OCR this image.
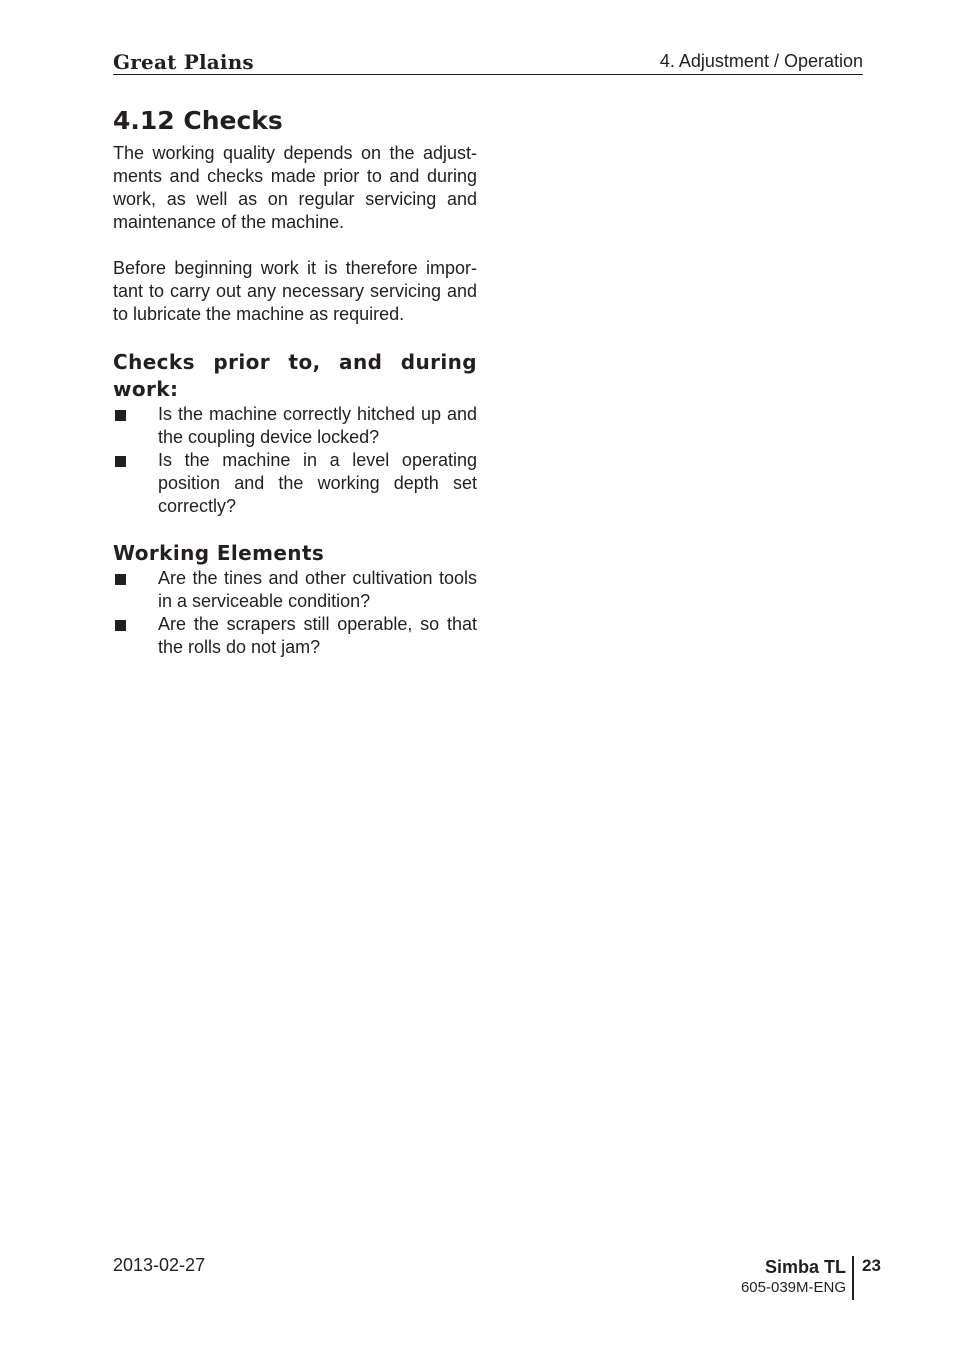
Great Plains	4. Adjustment / Operation
4.12 Checks

The working quality depends on the adjust-ments and checks made prior to and during work, as well as on regular servicing and maintenance of the machine.

Before beginning work it is therefore impor-tant to carry out any necessary servicing and to lubricate the machine as required.

Checks prior to, and during work:
Is the machine correctly hitched up and the coupling device locked?
Is the machine in a level operating position and the working depth set correctly?
Working Elements
Are the tines and other cultivation tools in a serviceable condition?
Are the scrapers still operable, so that the rolls do not jam?
2013-02-27	Simba TL
605-039M-ENG
23
